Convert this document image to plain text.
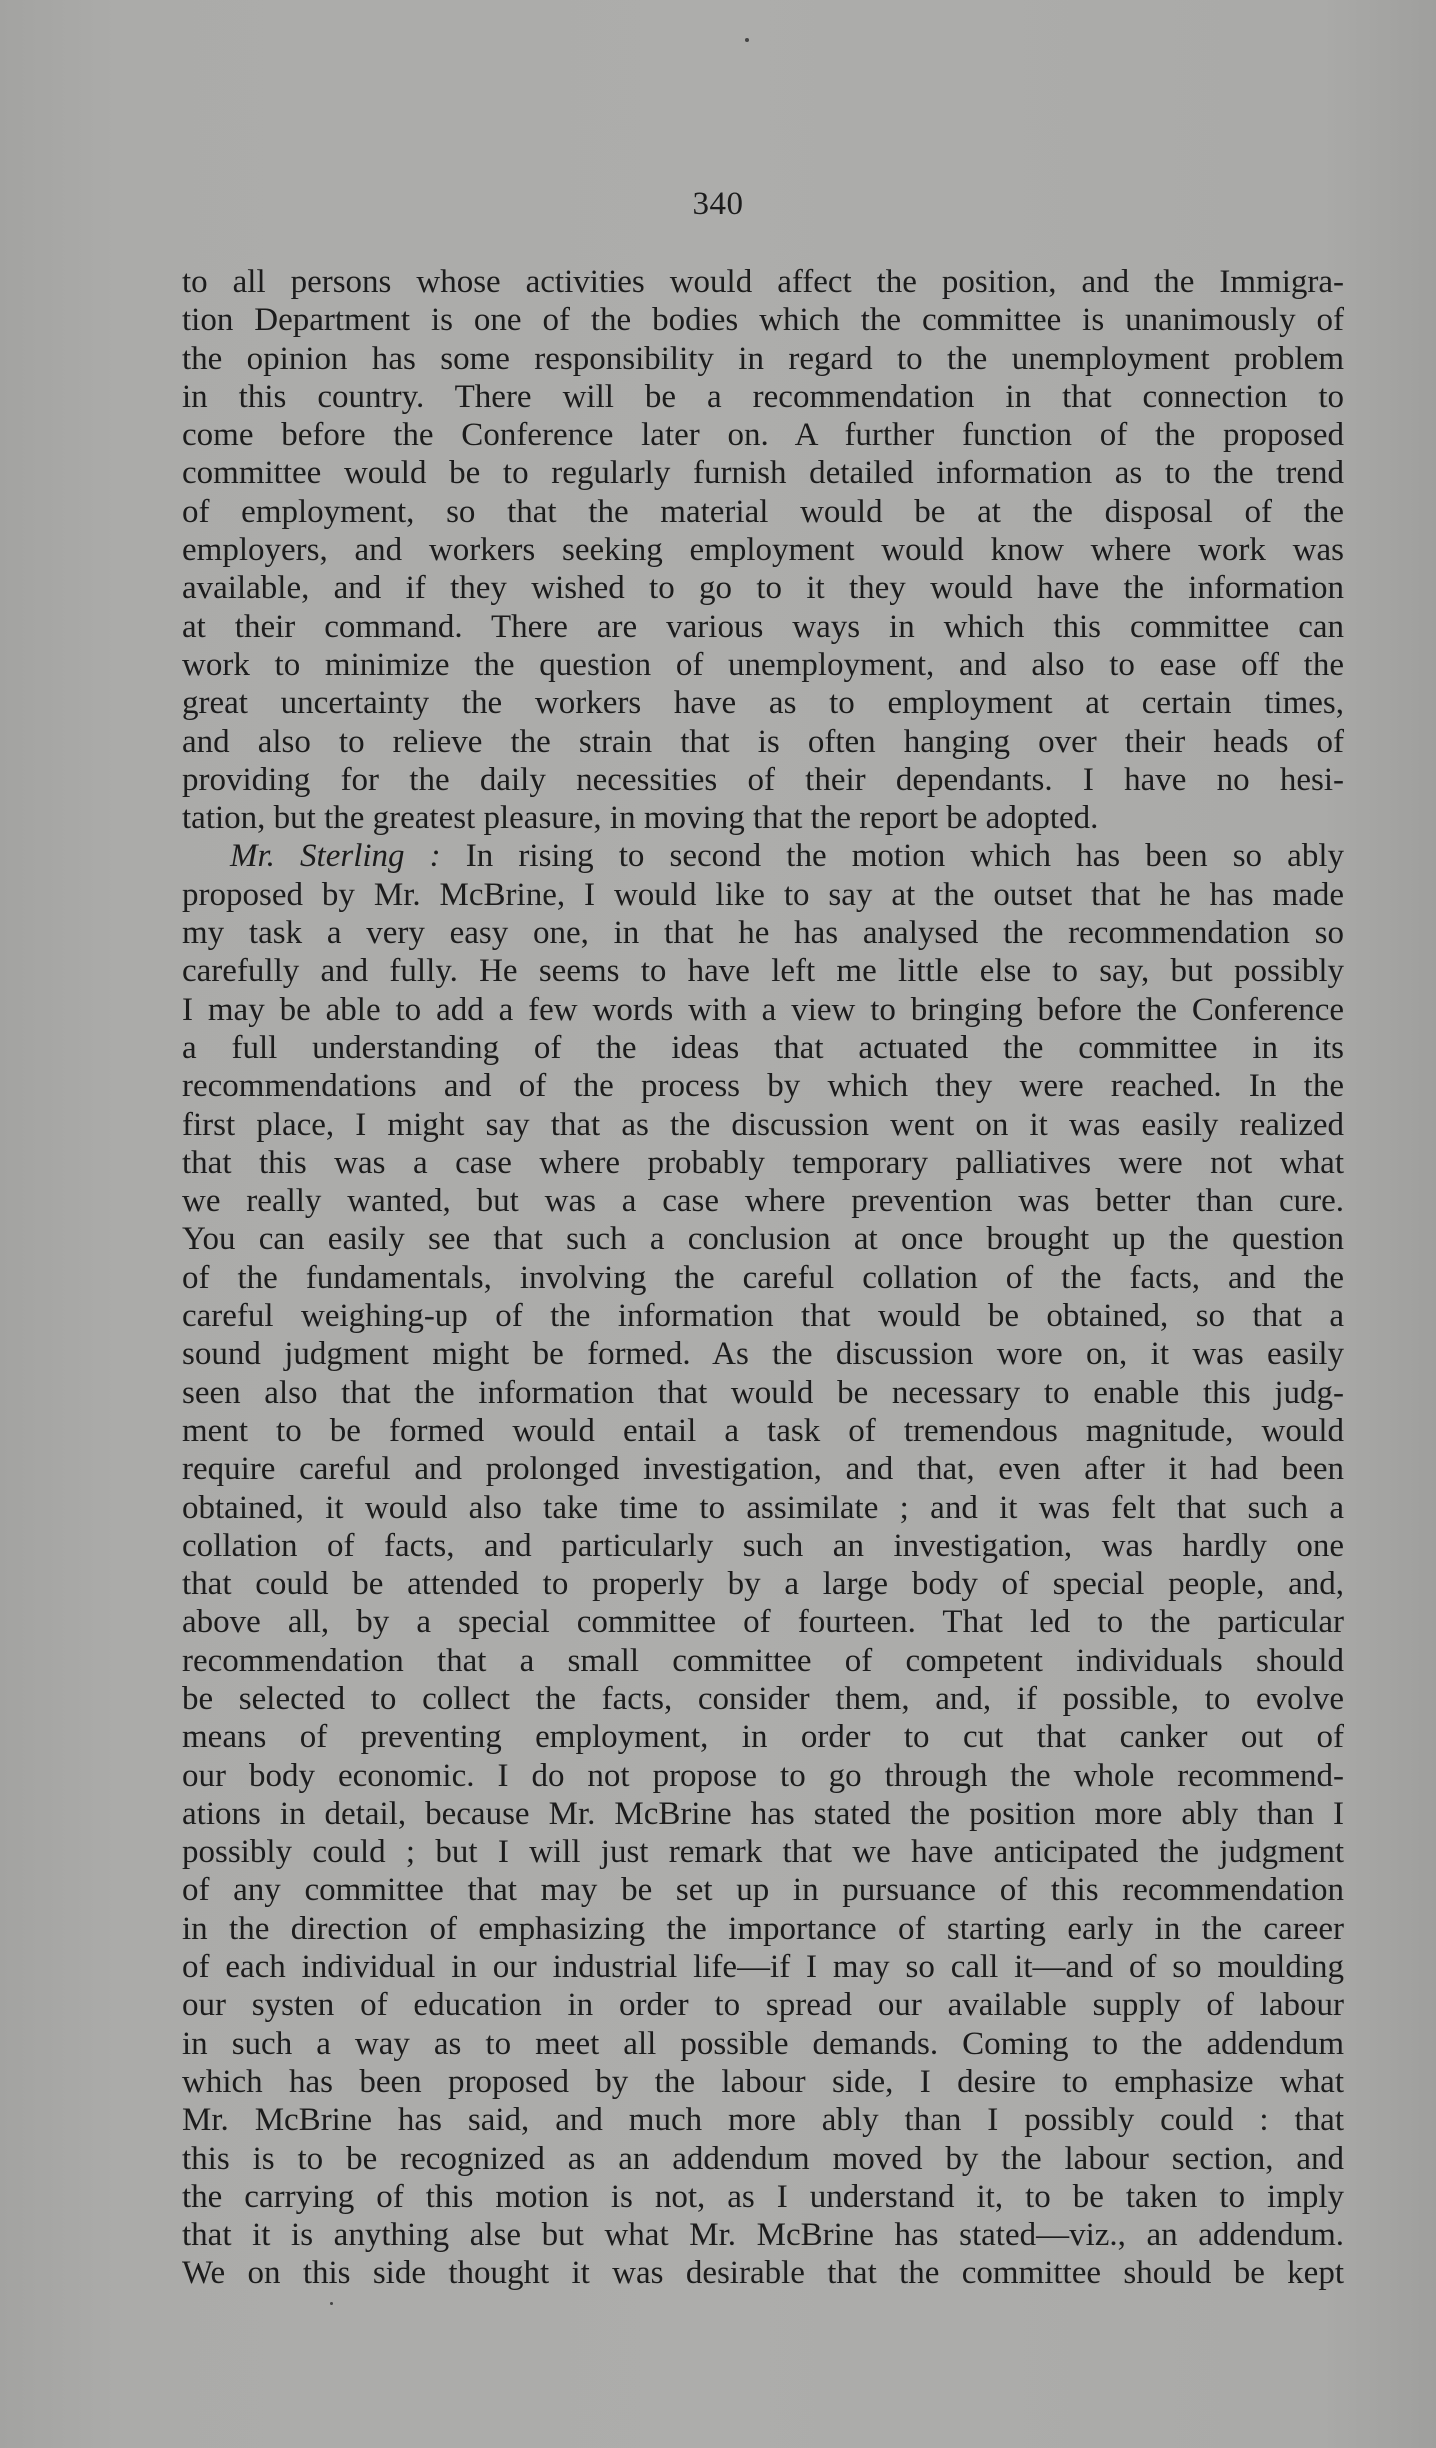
340
to all persons whose activities would affect the position, and the Immigra-
tion Department is one of the bodies which the committee is unanimously of
the opinion has some responsibility in regard to the unemployment problem
in this country. There will be a recommendation in that connection to
come before the Conference later on. A further function of the proposed
committee would be to regularly furnish detailed information as to the trend
of employment, so that the material would be at the disposal of the
employers, and workers seeking employment would know where work was
available, and if they wished to go to it they would have the information
at their command. There are various ways in which this committee can
work to minimize the question of unemployment, and also to ease off the
great uncertainty the workers have as to employment at certain times,
and also to relieve the strain that is often hanging over their heads of
providing for the daily necessities of their dependants. I have no hesi-
tation, but the greatest pleasure, in moving that the report be adopted.
Mr. Sterling : In rising to second the motion which has been so ably
proposed by Mr. McBrine, I would like to say at the outset that he has made
my task a very easy one, in that he has analysed the recommendation so
carefully and fully. He seems to have left me little else to say, but possibly
I may be able to add a few words with a view to bringing before the Conference
a full understanding of the ideas that actuated the committee in its
recommendations and of the process by which they were reached. In the
first place, I might say that as the discussion went on it was easily realized
that this was a case where probably temporary palliatives were not what
we really wanted, but was a case where prevention was better than cure.
You can easily see that such a conclusion at once brought up the question
of the fundamentals, involving the careful collation of the facts, and the
careful weighing-up of the information that would be obtained, so that a
sound judgment might be formed. As the discussion wore on, it was easily
seen also that the information that would be necessary to enable this judg-
ment to be formed would entail a task of tremendous magnitude, would
require careful and prolonged investigation, and that, even after it had been
obtained, it would also take time to assimilate ; and it was felt that such a
collation of facts, and particularly such an investigation, was hardly one
that could be attended to properly by a large body of special people, and,
above all, by a special committee of fourteen. That led to the particular
recommendation that a small committee of competent individuals should
be selected to collect the facts, consider them, and, if possible, to evolve
means of preventing employment, in order to cut that canker out of
our body economic. I do not propose to go through the whole recommend-
ations in detail, because Mr. McBrine has stated the position more ably than I
possibly could ; but I will just remark that we have anticipated the judgment
of any committee that may be set up in pursuance of this recommendation
in the direction of emphasizing the importance of starting early in the career
of each individual in our industrial life—if I may so call it—and of so moulding
our systen of education in order to spread our available supply of labour
in such a way as to meet all possible demands. Coming to the addendum
which has been proposed by the labour side, I desire to emphasize what
Mr. McBrine has said, and much more ably than I possibly could : that
this is to be recognized as an addendum moved by the labour section, and
the carrying of this motion is not, as I understand it, to be taken to imply
that it is anything alse but what Mr. McBrine has stated—viz., an addendum.
We on this side thought it was desirable that the committee should be kept
